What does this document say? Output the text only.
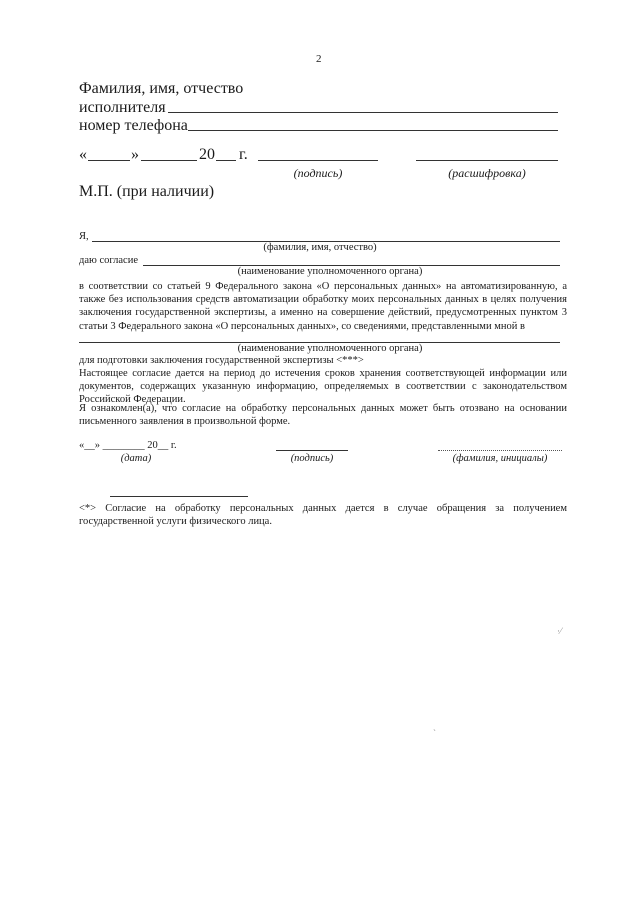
2
Фамилия, имя, отчество
исполнителя
номер телефона
«	»	20 г.
(подпись)	(расшифровка)
М.П. (при наличии)
Я,
(фамилия, имя, отчество)
даю согласие
(наименование уполномоченного органа)
в соответствии со статьей 9 Федерального закона «О персональных данных» на автоматизированную, а также без использования средств автоматизации обработку моих персональных данных в целях получения заключения государственной экспертизы, а именно на совершение действий, предусмотренных пунктом 3 статьи 3 Федерального закона «О персональных данных», со сведениями, представленными мной в
(наименование уполномоченного органа)
для подготовки заключения государственной экспертизы <***>
Настоящее согласие дается на период до истечения сроков хранения соответствующей информации или документов, содержащих указанную информацию, определяемых в соответствии с законодательством Российской Федерации.
Я ознакомлен(а), что согласие на обработку персональных данных может быть отозвано на основании письменного заявления в произвольной форме.
«__» ________ 20__ г.
(дата)	(подпись)	(фамилия, инициалы)
<*> Согласие на обработку персональных данных дается в случае обращения за получением государственной услуги физического лица.
·⁄
`
